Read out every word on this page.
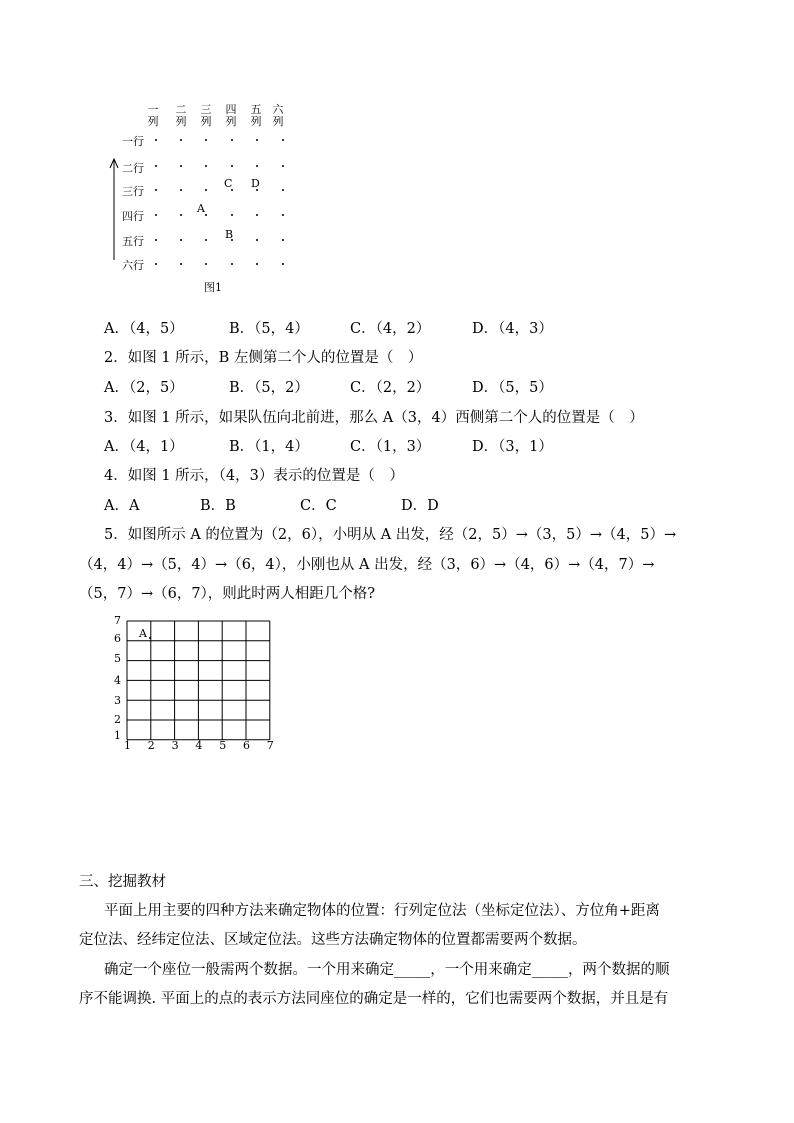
一
列
二
列
三
列
四
列
五
列
六
列
一行
二行
三行
四行
五行
六行
A
B
C D
图1
A．（4，5）	B．（5，4）	C．（4，2）	D．（4，3）
2．如图 1 所示，B 左侧第二个人的位置是（　）
A．（2，5）	B．（5，2）	C．（2，2）	D．（5，5）
3．如图 1 所示，如果队伍向北前进，那么 A（3，4）西侧第二个人的位置是（　）
A．（4，1）	B．（1，4）	C．（1，3）	D．（3，1）
4．如图 1 所示，（4，3）表示的位置是（　）
A．A	B．B	C．C	D．D
5．如图所示 A 的位置为（2，6），小明从 A 出发，经（2，5）→（3，5）→（4，5）→
（4，4）→（5，4）→（6，4），小刚也从 A 出发，经（3，6）→（4，6）→（4，7）→
（5，7）→（6，7），则此时两人相距几个格?
1 2 3 4 5 6 7
1
2
3
4
5
6
7
A
三、挖掘教材
平面上用主要的四种方法来确定物体的位置：行列定位法（坐标定位法）、方位角+距离
定位法、经纬定位法、区域定位法。这些方法确定物体的位置都需要两个数据。
确定一个座位一般需两个数据。一个用来确定_____，一个用来确定_____，两个数据的顺
序不能调换. 平面上的点的表示方法同座位的确定是一样的，它们也需要两个数据，并且是有
